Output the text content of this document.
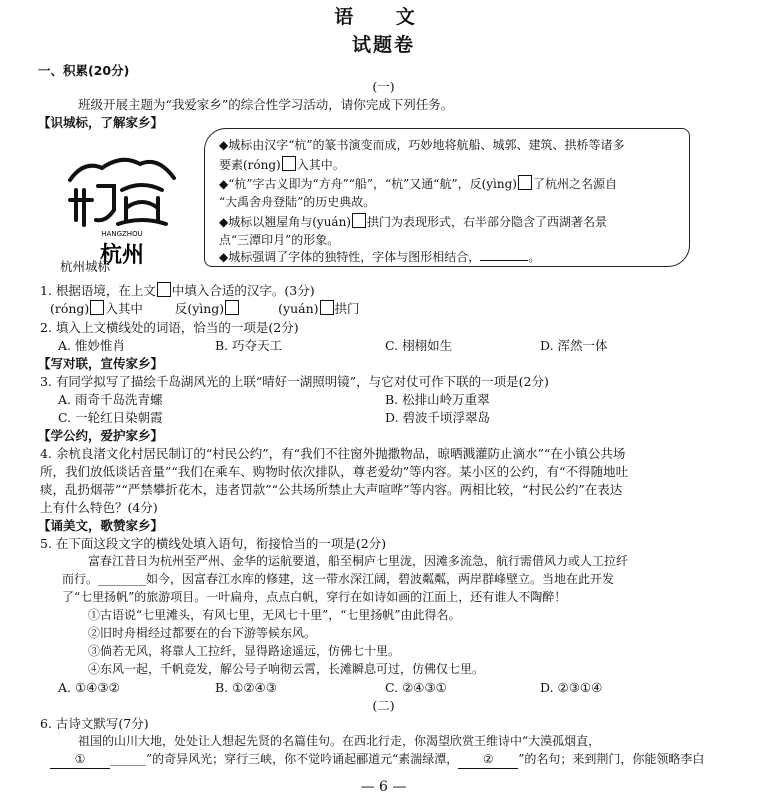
语 文
试题卷
一、积累(20分)
(一)
班级开展主题为“我爱家乡”的综合性学习活动，请你完成下列任务。
【识城标，了解家乡】
HANGZHOU
杭州
杭州城标
◆城标由汉字“杭”的篆书演变而成，巧妙地将航船、城郭、建筑、拱桥等诸多
要素(róng) 入其中。
◆“杭”字古义即为“方舟”“船”，“杭”又通“航”，反(yìng) 了杭州之名源自
“大禹舍舟登陆”的历史典故。
◆城标以翘屋角与(yuán) 拱门为表现形式，右半部分隐含了西湖著名景
点“三潭印月”的形象。
◆城标强调了字体的独特性，字体与图形相结合，	。
1. 根据语境，在上文 中填入合适的汉字。(3分)
(róng) 入其中	反(yìng)	(yuán) 拱门
2. 填入上文横线处的词语，恰当的一项是(2分)
A. 惟妙惟肖	B. 巧夺天工	C. 栩栩如生	D. 浑然一体
【写对联，宣传家乡】
3. 有同学拟写了描绘千岛湖风光的上联“晴好一湖照明镜”，与它对仗可作下联的一项是(2分)
A. 雨奇千岛洗青螺	B. 松排山岭万重翠
C. 一轮红日染朝霞	D. 碧波千顷浮翠岛
【学公约，爱护家乡】
4. 余杭良渚文化村居民制订的“村民公约”，有“我们不往窗外抛撒物品，晾晒溅灌防止滴水”“在小镇公共场
所，我们放低谈话音量”“我们在乘车、购物时依次排队，尊老爱幼”等内容。某小区的公约，有“不得随地吐
痰，乱扔烟蒂”“严禁攀折花木，违者罚款”“公共场所禁止大声喧哗”等内容。两相比较，“村民公约”在表达
上有什么特色？(4分)
【诵美文，歌赞家乡】
5. 在下面这段文字的横线处填入语句，衔接恰当的一项是(2分)
富春江昔日为杭州至严州、金华的运航要道，船至桐庐七里泷，因滩多流急，航行需借风力或人工拉纤
而行。________如今，因富春江水库的修建，这一带水深江阔，碧波粼粼，两岸群峰壁立。当地在此开发
了“七里扬帆”的旅游项目。一叶扁舟，点点白帆，穿行在如诗如画的江面上，还有谁人不陶醉！
①古语说“七里滩头，有风七里，无风七十里”，“七里扬帆”由此得名。
②旧时舟楫经过都要在的台下游等候东风。
③倘若无风，将靠人工拉纤，显得路途遥远，仿佛七十里。
④东风一起，千帆竞发，解公号子响彻云霄，长滩瞬息可过，仿佛仅七里。
A. ①④③②	B. ①②④③	C. ②④③①	D. ②③①④
(二)
6. 古诗文默写(7分)
祖国的山川大地，处处让人想起先贤的名篇佳句。在西北行走，你渴望欣赏王维诗中“大漠孤烟直，
① ______”的奇异风光；穿行三峡，你不觉吟诵起郦道元“素湍绿潭， ② ”的名句；来到荆门，你能领略李白
— 6 —
